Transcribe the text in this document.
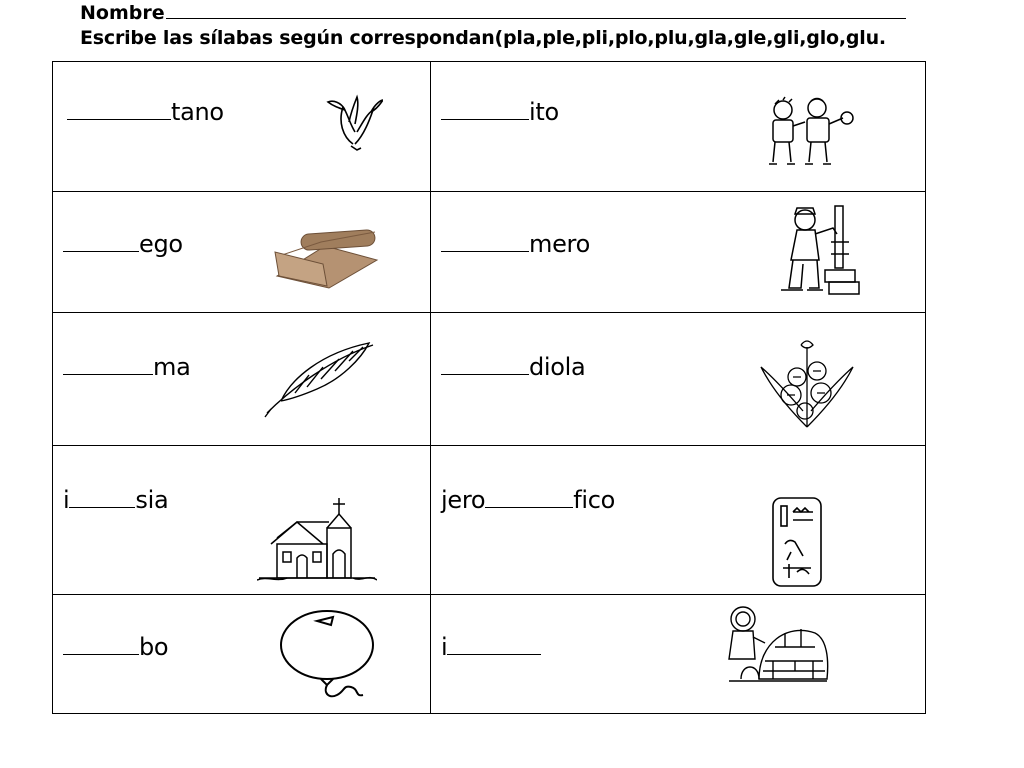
Nombre
Escribe las sílabas según correspondan(pla,ple,pli,plo,plu,gla,gle,gli,glo,glu.
tano	ito

ego	mero

ma	diola

i sia	jero fico

bo	i
